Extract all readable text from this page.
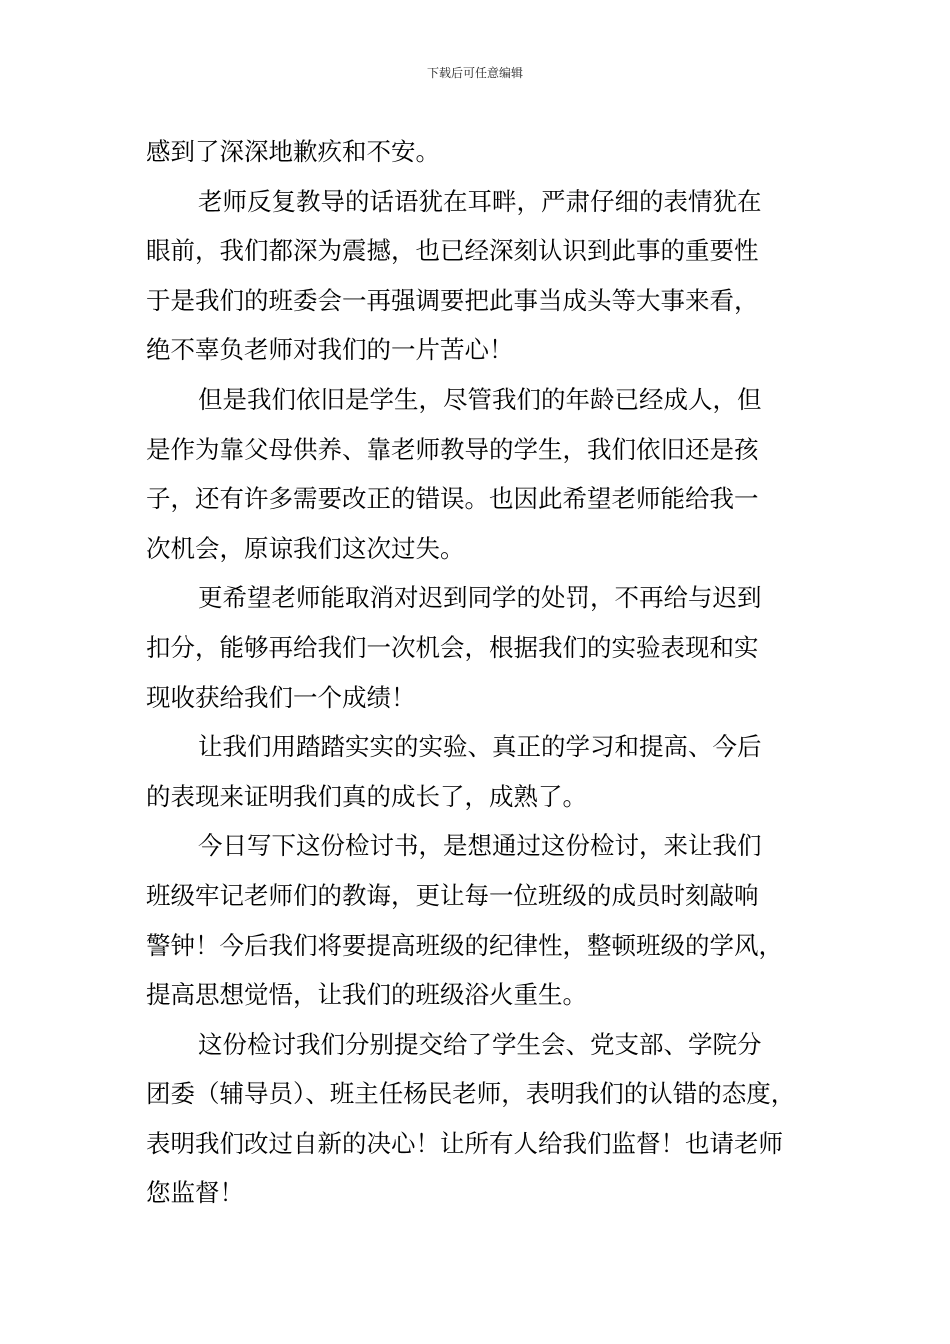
下载后可任意编辑
感到了深深地歉疚和不安。
老师反复教导的话语犹在耳畔，严肃仔细的表情犹在
眼前，我们都深为震撼，也已经深刻认识到此事的重要性
于是我们的班委会一再强调要把此事当成头等大事来看，
绝不辜负老师对我们的一片苦心！
但是我们依旧是学生，尽管我们的年龄已经成人，但
是作为靠父母供养、靠老师教导的学生，我们依旧还是孩
子，还有许多需要改正的错误。也因此希望老师能给我一
次机会，原谅我们这次过失。
更希望老师能取消对迟到同学的处罚，不再给与迟到
扣分，能够再给我们一次机会，根据我们的实验表现和实
现收获给我们一个成绩！
让我们用踏踏实实的实验、真正的学习和提高、今后
的表现来证明我们真的成长了，成熟了。
今日写下这份检讨书，是想通过这份检讨，来让我们
班级牢记老师们的教诲，更让每一位班级的成员时刻敲响
警钟！今后我们将要提高班级的纪律性，整顿班级的学风，
提高思想觉悟，让我们的班级浴火重生。
这份检讨我们分别提交给了学生会、党支部、学院分
团委（辅导员）、班主任杨民老师，表明我们的认错的态度，
表明我们改过自新的决心！让所有人给我们监督！也请老师
您监督！
